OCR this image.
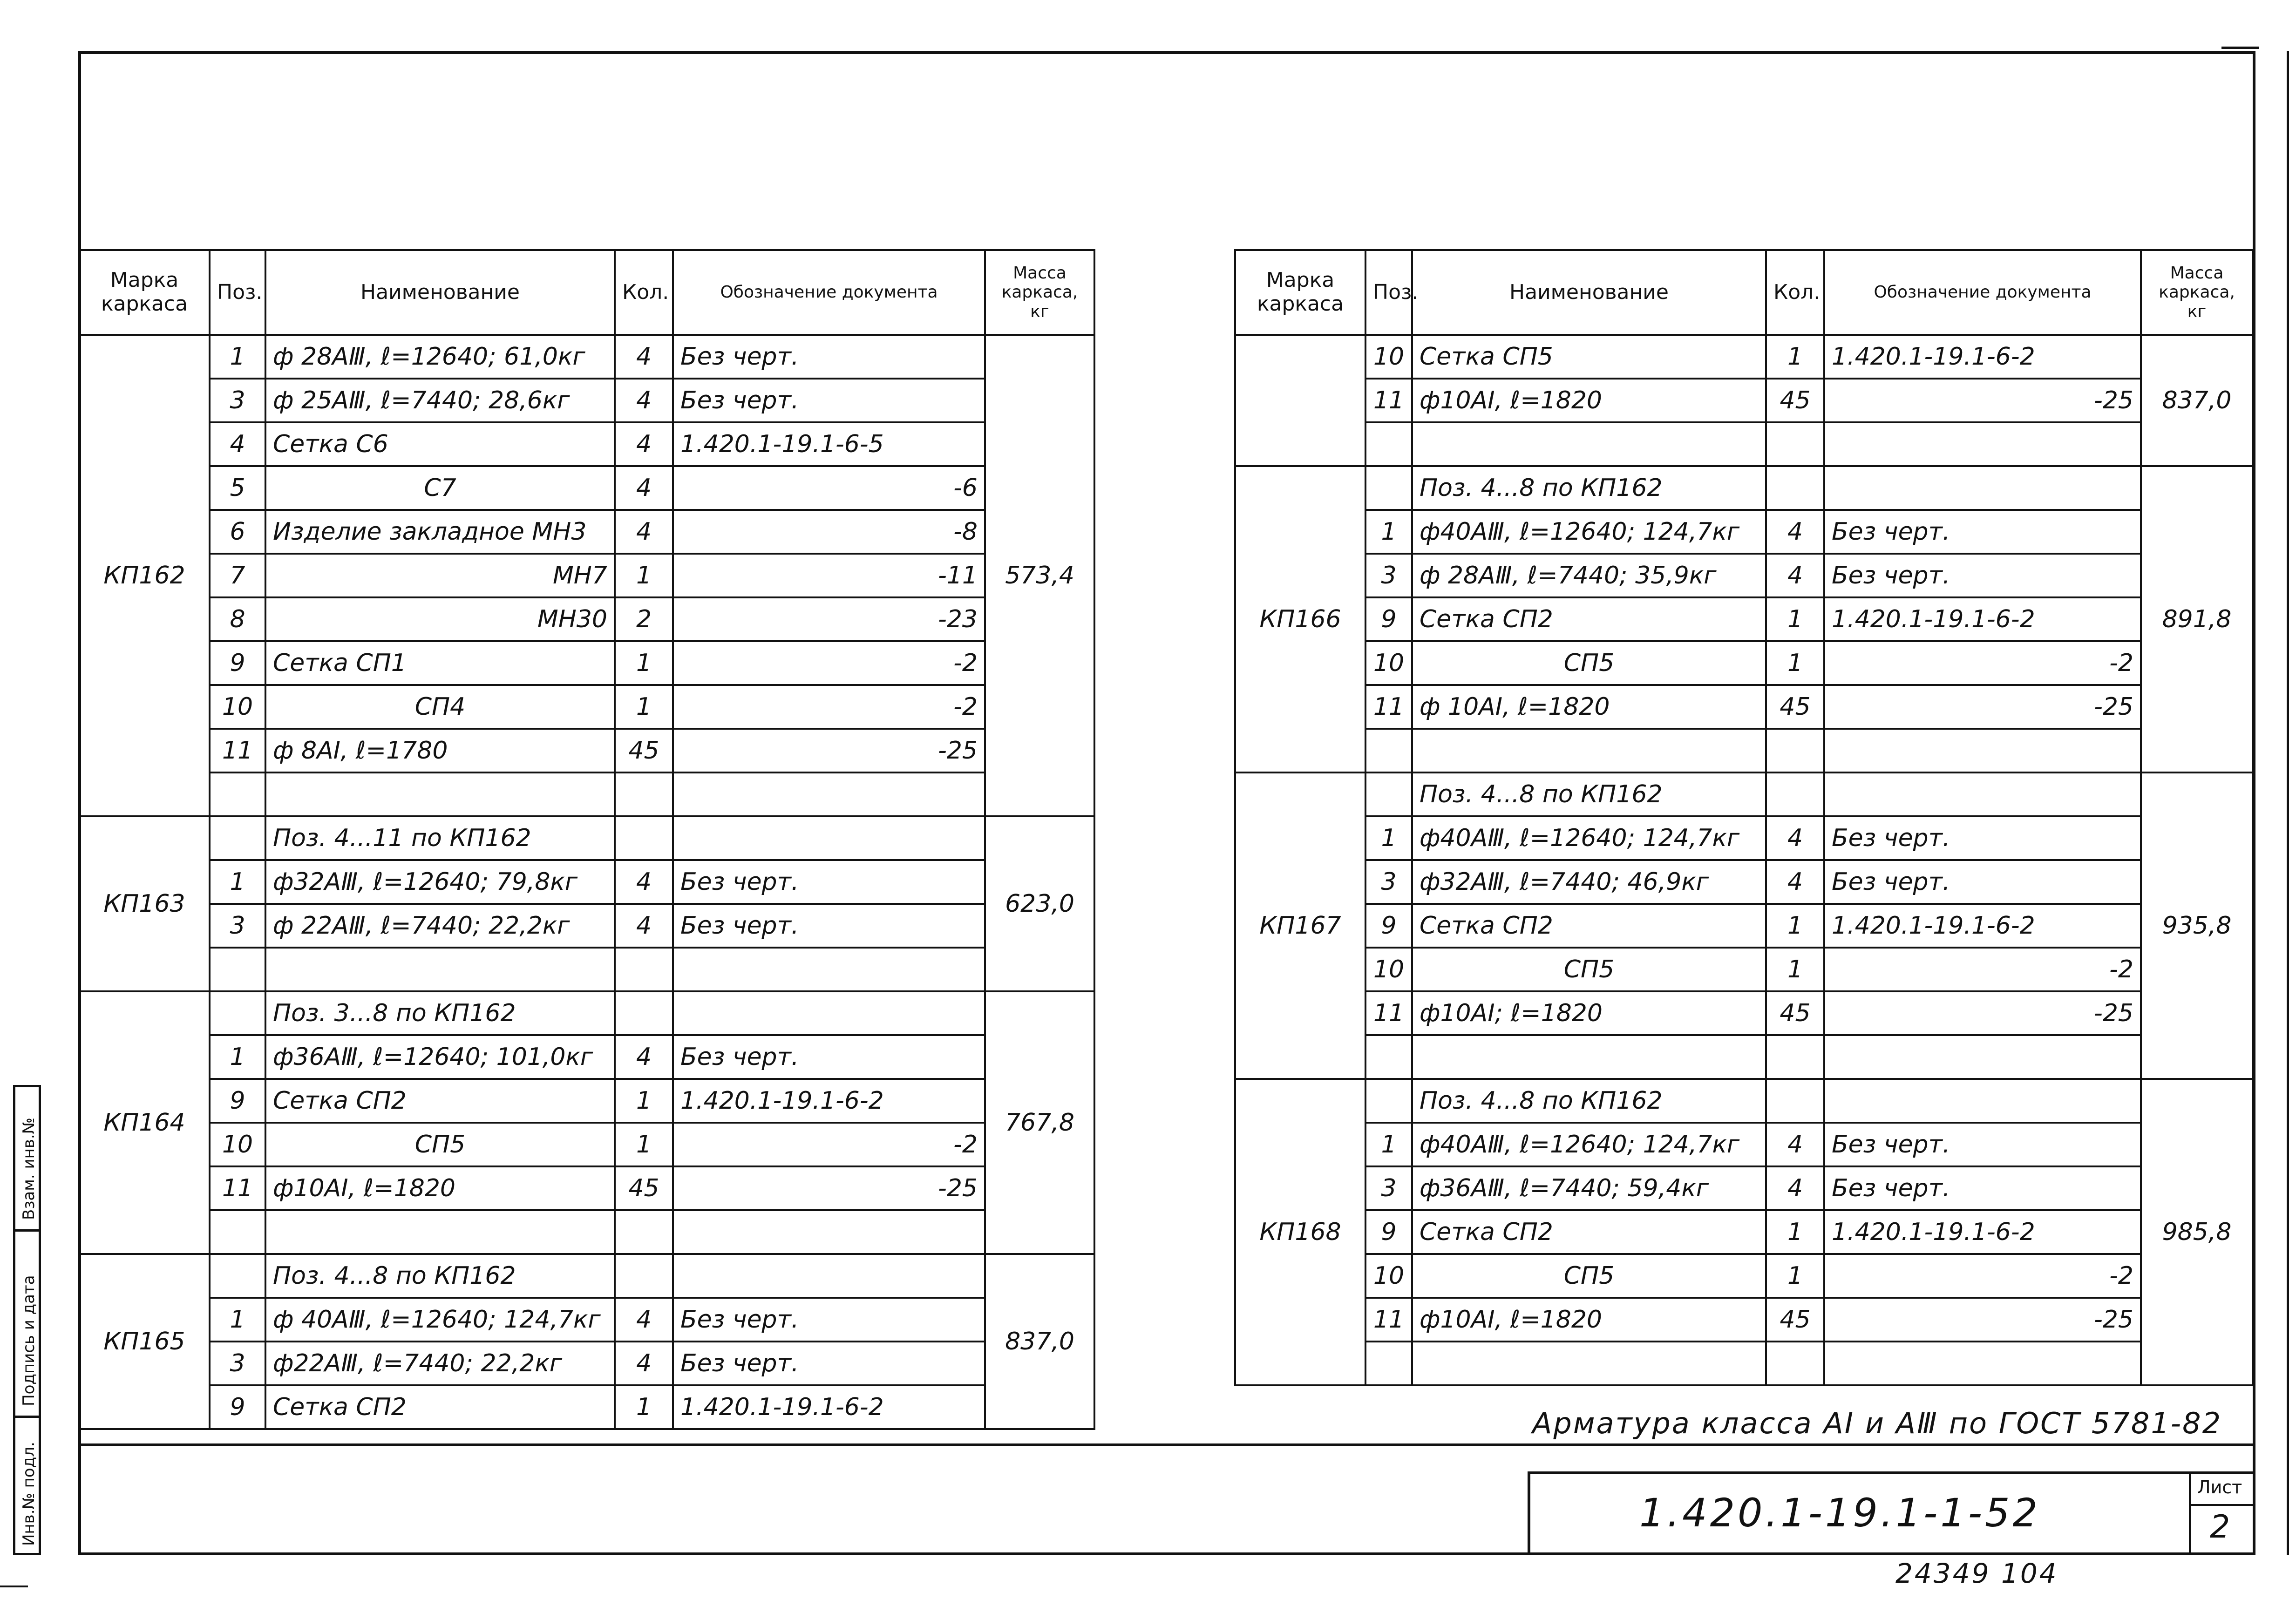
Взам. инв.№
Подпись и дата
Инв.№ подл.
Марка каркаса	Поз.	Наименование	Кол.	Обозначение документа	Масса каркаса, кг
КП162	1	ф 28АⅢ, ℓ=12640; 61,0кг	4	Без черт.	573,4
	3	ф 25АⅢ, ℓ=7440; 28,6кг	4	Без черт.	
	4	Сетка С6	4	1.420.1-19.1-6-5	
	5	С7	4	-6	
	6	Изделие закладное МН3	4	-8	
	7	МН7	1	-11	
	8	МН30	2	-23	
	9	Сетка СП1	1	-2	
	10	СП4	1	-2	
	11	ф 8АⅠ, ℓ=1780	45	-25	

КП163		Поз. 4...11 по КП162			623,0
	1	ф32АⅢ, ℓ=12640; 79,8кг	4	Без черт.	
	3	ф 22АⅢ, ℓ=7440; 22,2кг	4	Без черт.	

КП164		Поз. 3...8 по КП162			767,8
	1	ф36АⅢ, ℓ=12640; 101,0кг	4	Без черт.	
	9	Сетка СП2	1	1.420.1-19.1-6-2	
	10	СП5	1	-2	
	11	ф10АⅠ, ℓ=1820	45	-25	

КП165		Поз. 4...8 по КП162			837,0
	1	ф 40АⅢ, ℓ=12640; 124,7кг	4	Без черт.	
	3	ф22АⅢ, ℓ=7440; 22,2кг	4	Без черт.	
	9	Сетка СП2	1	1.420.1-19.1-6-2	
Марка каркаса	Поз.	Наименование	Кол.	Обозначение документа	Масса каркаса, кг
	10	Сетка СП5	1	1.420.1-19.1-6-2	837,0
	11	ф10АⅠ, ℓ=1820	45	-25	

КП166		Поз. 4...8 по КП162			891,8
	1	ф40АⅢ, ℓ=12640; 124,7кг	4	Без черт.	
	3	ф 28АⅢ, ℓ=7440; 35,9кг	4	Без черт.	
	9	Сетка СП2	1	1.420.1-19.1-6-2	
	10	СП5	1	-2	
	11	ф 10АⅠ, ℓ=1820	45	-25	

КП167		Поз. 4...8 по КП162			935,8
	1	ф40АⅢ, ℓ=12640; 124,7кг	4	Без черт.	
	3	ф32АⅢ, ℓ=7440; 46,9кг	4	Без черт.	
	9	Сетка СП2	1	1.420.1-19.1-6-2	
	10	СП5	1	-2	
	11	ф10АⅠ; ℓ=1820	45	-25	

КП168		Поз. 4...8 по КП162			985,8
	1	ф40АⅢ, ℓ=12640; 124,7кг	4	Без черт.	
	3	ф36АⅢ, ℓ=7440; 59,4кг	4	Без черт.	
	9	Сетка СП2	1	1.420.1-19.1-6-2	
	10	СП5	1	-2	
	11	ф10АⅠ, ℓ=1820	45	-25	

Арматура класса АⅠ и АⅢ по ГОСТ 5781-82
1.420.1-19.1-1-52
Лист
2
24349 104
